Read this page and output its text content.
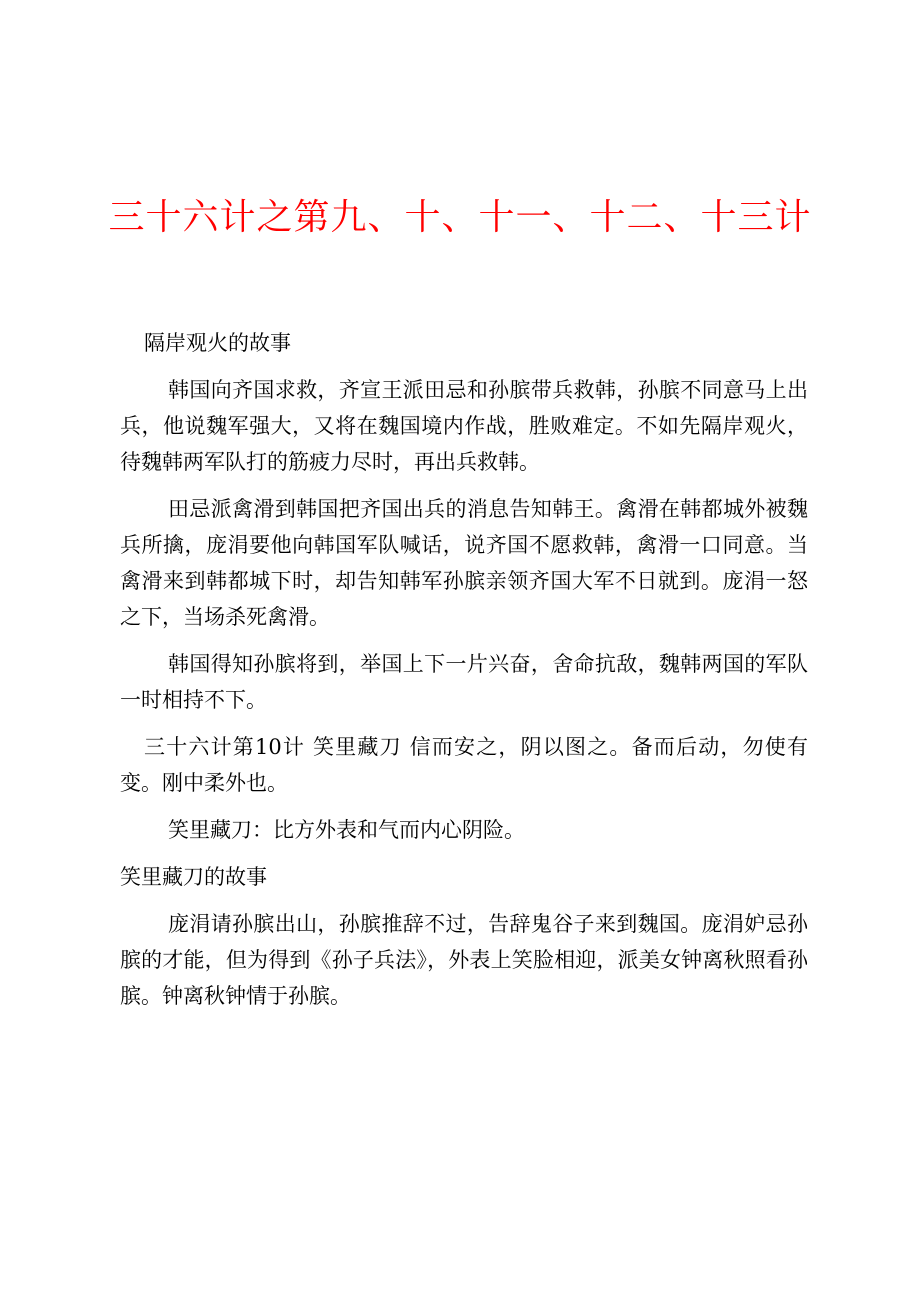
三十六计之第九、十、十一、十二、十三计

隔岸观火的故事

韩国向齐国求救，齐宣王派田忌和孙膑带兵救韩，孙膑不同意马上出兵，他说魏军强大，又将在魏国境内作战，胜败难定。不如先隔岸观火，待魏韩两军队打的筋疲力尽时，再出兵救韩。

田忌派禽滑到韩国把齐国出兵的消息告知韩王。禽滑在韩都城外被魏兵所擒，庞涓要他向韩国军队喊话，说齐国不愿救韩，禽滑一口同意。当禽滑来到韩都城下时，却告知韩军孙膑亲领齐国大军不日就到。庞涓一怒之下，当场杀死禽滑。

韩国得知孙膑将到，举国上下一片兴奋，舍命抗敌，魏韩两国的军队一时相持不下。

三十六计第10计 笑里藏刀 信而安之，阴以图之。备而后动，勿使有变。刚中柔外也。

笑里藏刀：比方外表和气而内心阴险。

笑里藏刀的故事

庞涓请孙膑出山，孙膑推辞不过，告辞鬼谷子来到魏国。庞涓妒忌孙膑的才能，但为得到《孙子兵法》，外表上笑脸相迎，派美女钟离秋照看孙膑。钟离秋钟情于孙膑。
